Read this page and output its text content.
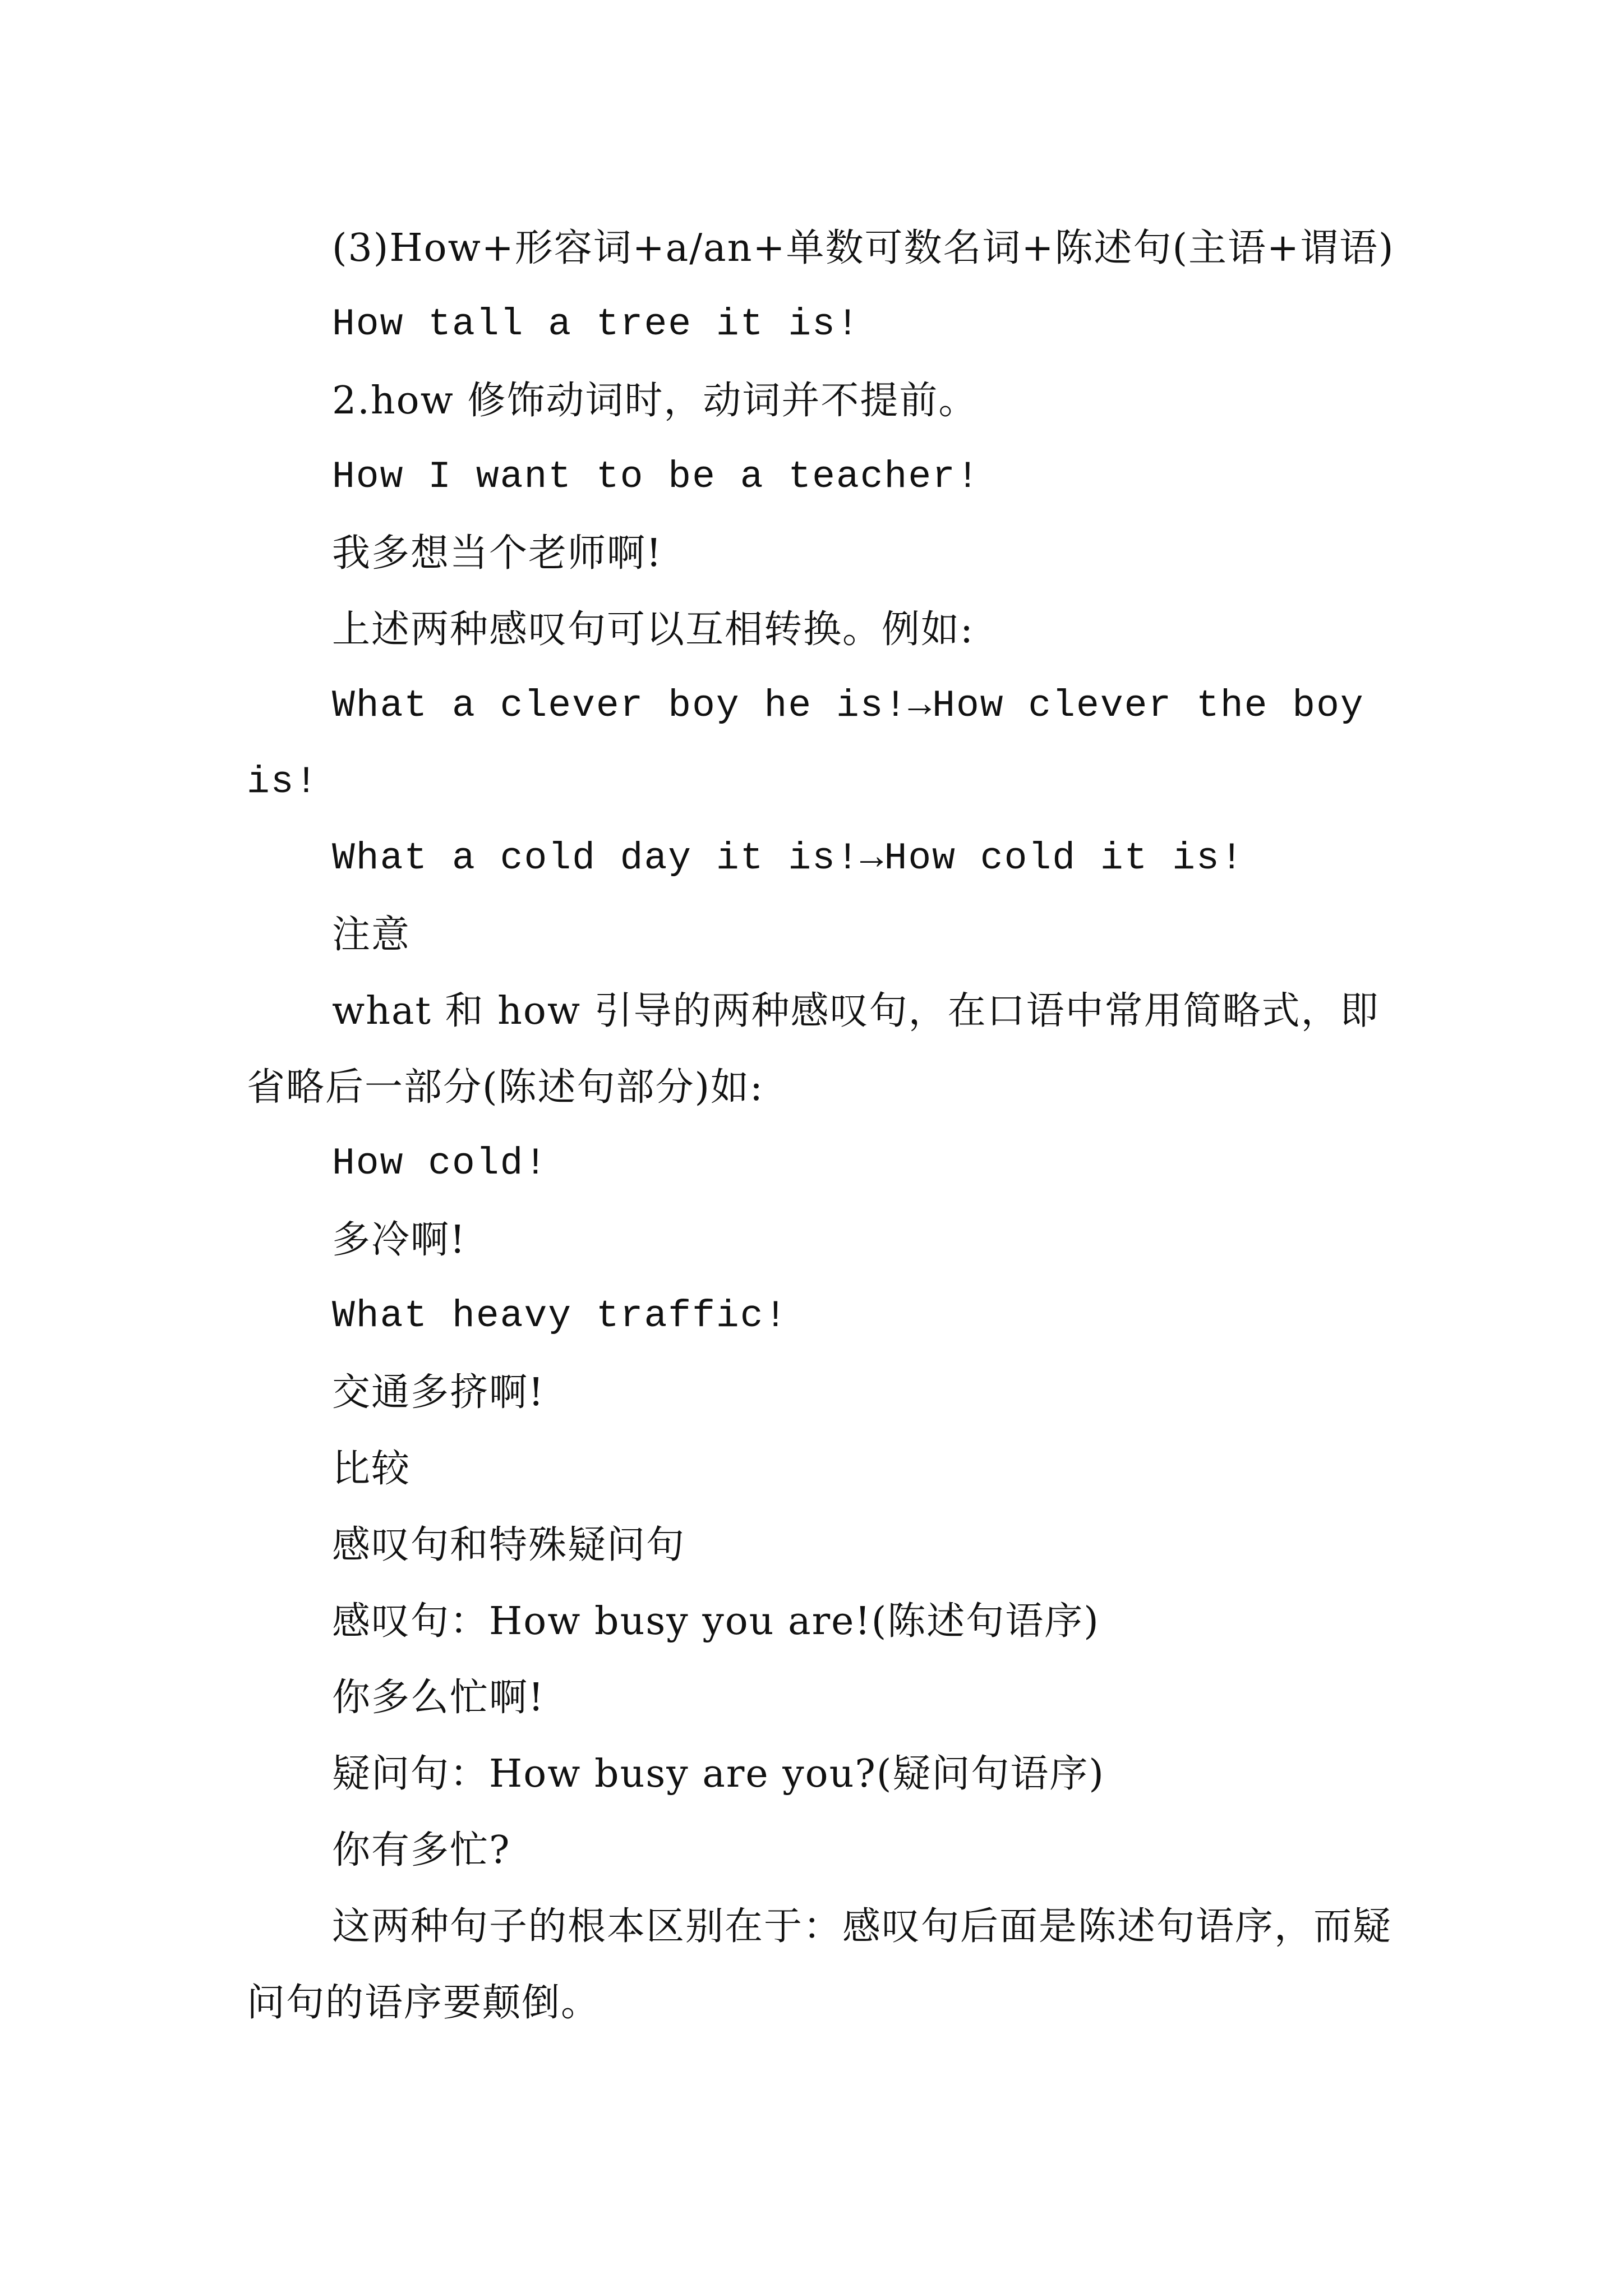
(3)How+形容词+a/an+单数可数名词+陈述句(主语+谓语)

How tall a tree it is!

2.how 修饰动词时，动词并不提前。

How I want to be a teacher!

我多想当个老师啊!

上述两种感叹句可以互相转换。例如:

What a clever boy he is!→How clever the boy is!

What a cold day it is!→How cold it is!

注意

what 和 how 引导的两种感叹句，在口语中常用简略式，即省略后一部分(陈述句部分)如:

How cold!

多冷啊!

What heavy traffic!

交通多挤啊!

比较

感叹句和特殊疑问句

感叹句：How busy you are!(陈述句语序)

你多么忙啊!

疑问句：How busy are you?(疑问句语序)

你有多忙?

这两种句子的根本区别在于：感叹句后面是陈述句语序，而疑问句的语序要颠倒。
